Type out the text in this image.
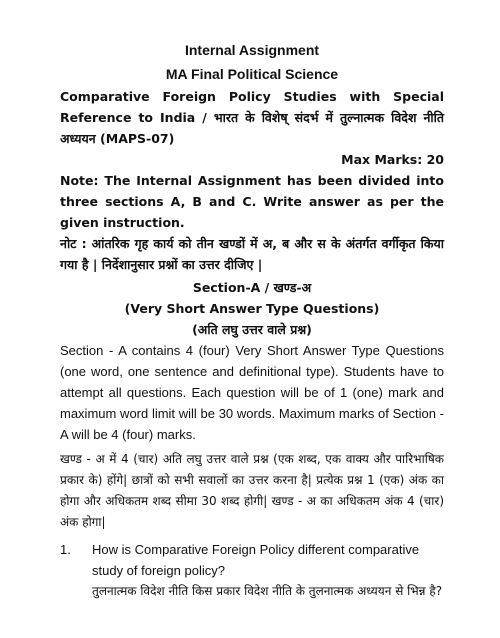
Internal Assignment
MA Final Political Science
Comparative Foreign Policy Studies with Special Reference to India / भारत के विशेष् संदर्भ में तुल्नात्मक विदेश नीति अध्ययन (MAPS-07)
Max Marks: 20
Note: The Internal Assignment has been divided into three sections A, B and C. Write answer as per the given instruction.
नोट : आंतरिक गृह कार्य को तीन खण्डों में अ, ब और स के अंतर्गत वर्गीकृत किया गया है | निर्देशानुसार प्रश्नों का उत्तर दीजिए |
Section-A / खण्ड-अ
(Very Short Answer Type Questions)
(अति लघु उत्तर वाले प्रश्न)
Section - A contains 4 (four) Very Short Answer Type Questions (one word, one sentence and definitional type). Students have to attempt all questions. Each question will be of 1 (one) mark and maximum word limit will be 30 words. Maximum marks of Section - A will be 4 (four) marks.
खण्ड - अ में 4 (चार) अति लघु उत्तर वाले प्रश्न (एक शब्द, एक वाक्य और पारिभाषिक प्रकार के) होंगे| छात्रों को सभी सवालों का उत्तर करना है| प्रत्येक प्रश्न 1 (एक) अंक का होगा और अधिकतम शब्द सीमा 30 शब्द होगी| खण्ड - अ का अधिकतम अंक 4 (चार) अंक होगा|
1. How is Comparative Foreign Policy different comparative study of foreign policy?
तुलनात्मक विदेश नीति किस प्रकार विदेश नीति के तुलनात्मक अध्ययन से भिन्न है?
